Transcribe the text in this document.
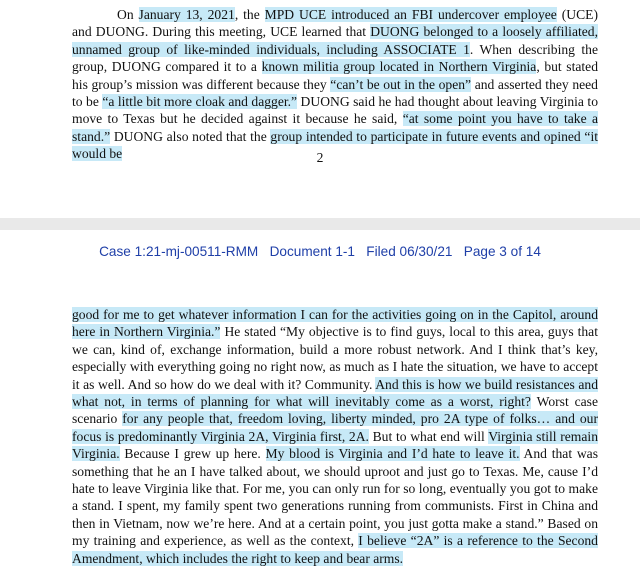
On January 13, 2021, the MPD UCE introduced an FBI undercover employee (UCE) and DUONG. During this meeting, UCE learned that DUONG belonged to a loosely affiliated, unnamed group of like-minded individuals, including ASSOCIATE 1. When describing the group, DUONG compared it to a known militia group located in Northern Virginia, but stated his group’s mission was different because they “can’t be out in the open” and asserted they need to be “a little bit more cloak and dagger.” DUONG said he had thought about leaving Virginia to move to Texas but he decided against it because he said, “at some point you have to take a stand.” DUONG also noted that the group intended to participate in future events and opined “it would be	2
Case 1:21-mj-00511-RMM   Document 1-1   Filed 06/30/21   Page 3 of 14

good for me to get whatever information I can for the activities going on in the Capitol, around here in Northern Virginia.” He stated “My objective is to find guys, local to this area, guys that we can, kind of, exchange information, build a more robust network. And I think that’s key, especially with everything going no right now, as much as I hate the situation, we have to accept it as well. And so how do we deal with it? Community. And this is how we build resistances and what not, in terms of planning for what will inevitably come as a worst, right? Worst case scenario for any people that, freedom loving, liberty minded, pro 2A type of folks… and our focus is predominantly Virginia 2A, Virginia first, 2A. But to what end will Virginia still remain Virginia. Because I grew up here. My blood is Virginia and I’d hate to leave it. And that was something that he an I have talked about, we should uproot and just go to Texas. Me, cause I’d hate to leave Virginia like that. For me, you can only run for so long, eventually you got to make a stand. I spent, my family spent two generations running from communists. First in China and then in Vietnam, now we’re here. And at a certain point, you just gotta make a stand.” Based on my training and experience, as well as the context, I believe “2A” is a reference to the Second Amendment, which includes the right to keep and bear arms.
